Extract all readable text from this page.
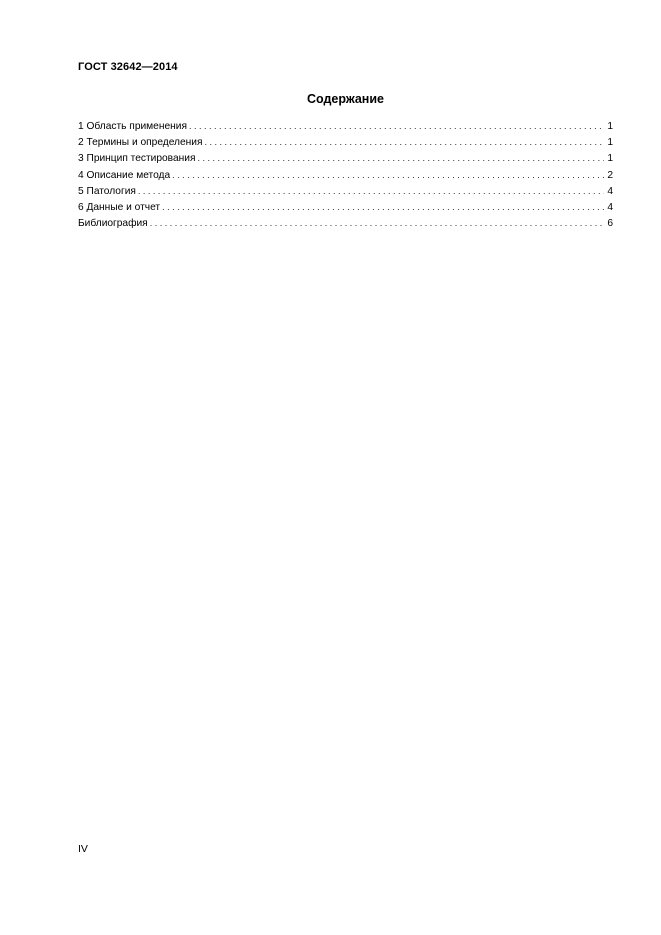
ГОСТ 32642—2014
Содержание
1 Область применения . . .	1
2 Термины и определения . . .	1
3 Принцип тестирования . . .	1
4 Описание метода . . .	2
5 Патология . . .	4
6 Данные и отчет . . .	4
Библиография . . .	6
IV
